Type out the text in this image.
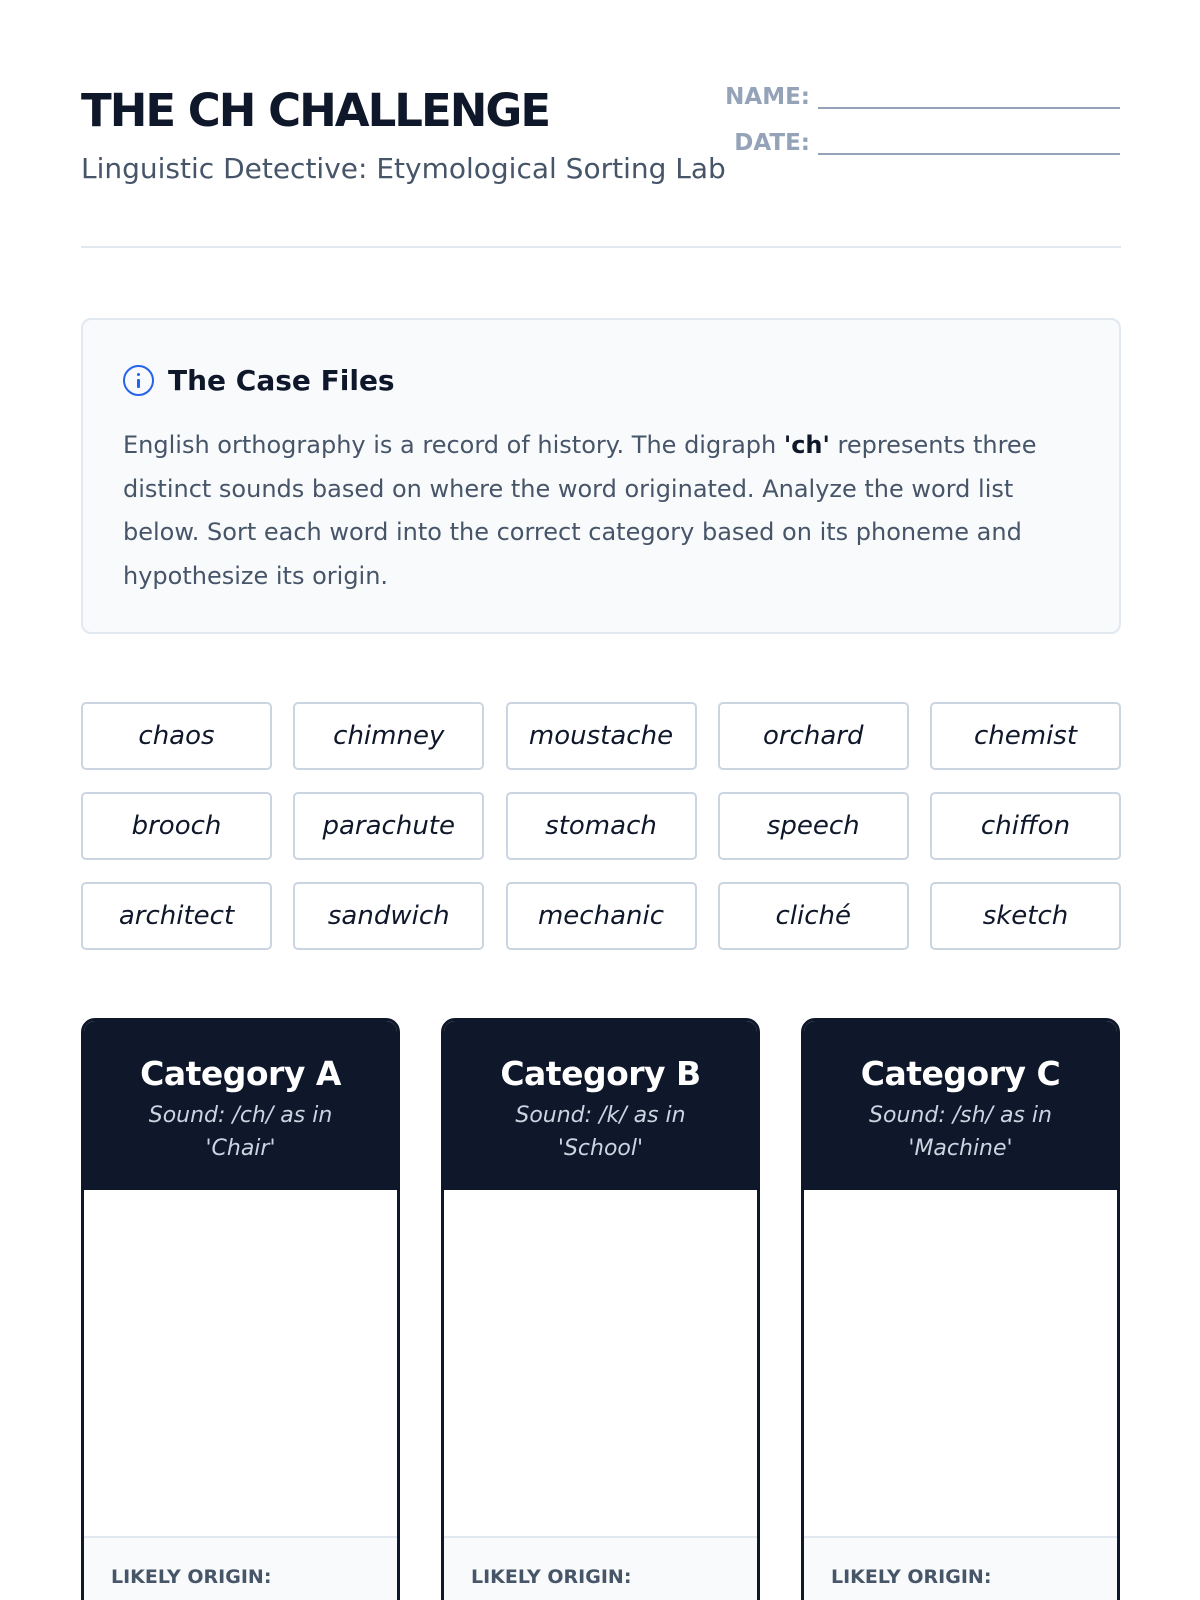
THE CH CHALLENGE
Linguistic Detective: Etymological Sorting Lab
NAME:
DATE:
The Case Files

English orthography is a record of history. The digraph 'ch' represents three distinct sounds based on where the word originated. Analyze the word list below. Sort each word into the correct category based on its phoneme and hypothesize its origin.

chaos	chimney	moustache	orchard	chemist
brooch	parachute	stomach	speech	chiffon
architect	sandwich	mechanic	cliché	sketch
Category A
Sound: /ch/ as in 'Chair'
LIKELY ORIGIN:
Category B
Sound: /k/ as in 'School'
LIKELY ORIGIN:
Category C
Sound: /sh/ as in 'Machine'
LIKELY ORIGIN:
